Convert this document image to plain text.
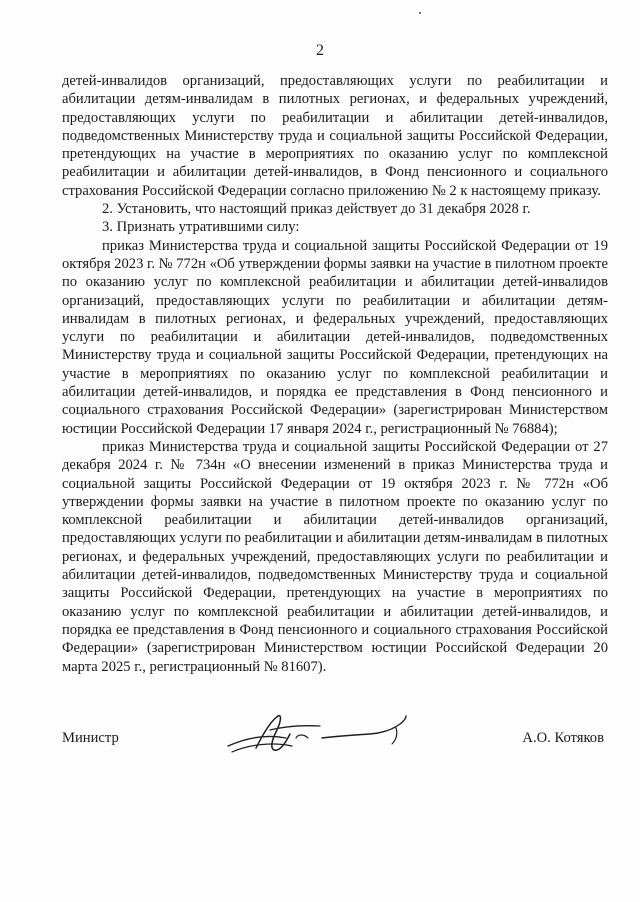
2

детей-инвалидов организаций, предоставляющих услуги по реабилитации и абилитации детям-инвалидам в пилотных регионах, и федеральных учреждений, предоставляющих услуги по реабилитации и абилитации детей-инвалидов, подведомственных Министерству труда и социальной защиты Российской Федерации, претендующих на участие в мероприятиях по оказанию услуг по комплексной реабилитации и абилитации детей-инвалидов, в Фонд пенсионного и социального страхования Российской Федерации согласно приложению № 2 к настоящему приказу.

2. Установить, что настоящий приказ действует до 31 декабря 2028 г.

3. Признать утратившими силу:

приказ Министерства труда и социальной защиты Российской Федерации от 19 октября 2023 г. № 772н «Об утверждении формы заявки на участие в пилотном проекте по оказанию услуг по комплексной реабилитации и абилитации детей-инвалидов организаций, предоставляющих услуги по реабилитации и абилитации детям-инвалидам в пилотных регионах, и федеральных учреждений, предоставляющих услуги по реабилитации и абилитации детей-инвалидов, подведомственных Министерству труда и социальной защиты Российской Федерации, претендующих на участие в мероприятиях по оказанию услуг по комплексной реабилитации и абилитации детей-инвалидов, и порядка ее представления в Фонд пенсионного и социального страхования Российской Федерации» (зарегистрирован Министерством юстиции Российской Федерации 17 января 2024 г., регистрационный № 76884);

приказ Министерства труда и социальной защиты Российской Федерации от 27 декабря 2024 г. № 734н «О внесении изменений в приказ Министерства труда и социальной защиты Российской Федерации от 19 октября 2023 г. № 772н «Об утверждении формы заявки на участие в пилотном проекте по оказанию услуг по комплексной реабилитации и абилитации детей-инвалидов организаций, предоставляющих услуги по реабилитации и абилитации детям-инвалидам в пилотных регионах, и федеральных учреждений, предоставляющих услуги по реабилитации и абилитации детей-инвалидов, подведомственных Министерству труда и социальной защиты Российской Федерации, претендующих на участие в мероприятиях по оказанию услуг по комплексной реабилитации и абилитации детей-инвалидов, и порядка ее представления в Фонд пенсионного и социального страхования Российской Федерации» (зарегистрирован Министерством юстиции Российской Федерации 20 марта 2025 г., регистрационный № 81607).

Министр	А.О. Котяков
